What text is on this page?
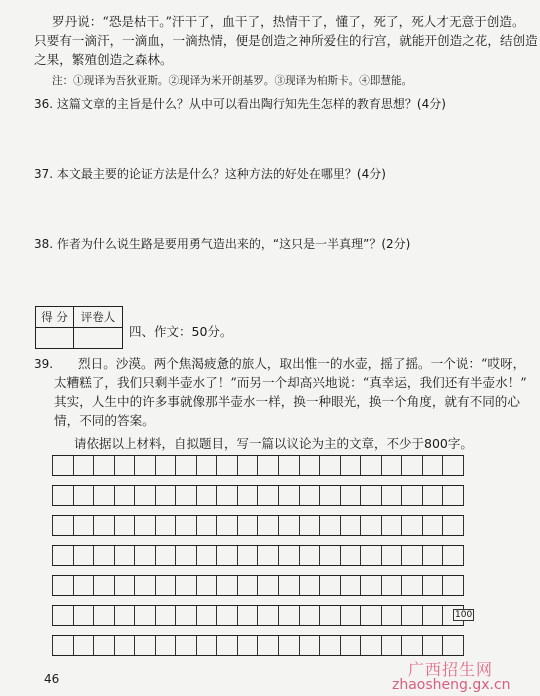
罗丹说：“恐是枯干。”汗干了，血干了，热情干了，懂了，死了，死人才无意于创造。
只要有一滴汗，一滴血，一滴热情，便是创造之神所爱住的行宫，就能开创造之花，结创造
之果，繁殖创造之森林。
注：①现译为吾狄亚斯。②现译为米开朗基罗。③现译为柏斯卡。④即慧能。
36. 这篇文章的主旨是什么？从中可以看出陶行知先生怎样的教育思想？(4分)
37. 本文最主要的论证方法是什么？这种方法的好处在哪里？(4分)
38. 作者为什么说生路是要用勇气造出来的，“这只是一半真理”？(2分)
得 分	评卷人

四、作文：50分。
39. 烈日。沙漠。两个焦渴疲惫的旅人，取出惟一的水壶，摇了摇。一个说：“哎呀，
太糟糕了，我们只剩半壶水了！”而另一个却高兴地说：“真幸运，我们还有半壶水！”
其实，人生中的许多事就像那半壶水一样，换一种眼光，换一个角度，就有不同的心
情，不同的答案。
请依据以上材料，自拟题目，写一篇以议论为主的文章，不少于800字。
100
46	广西招生网
zhaosheng.gx.cn
